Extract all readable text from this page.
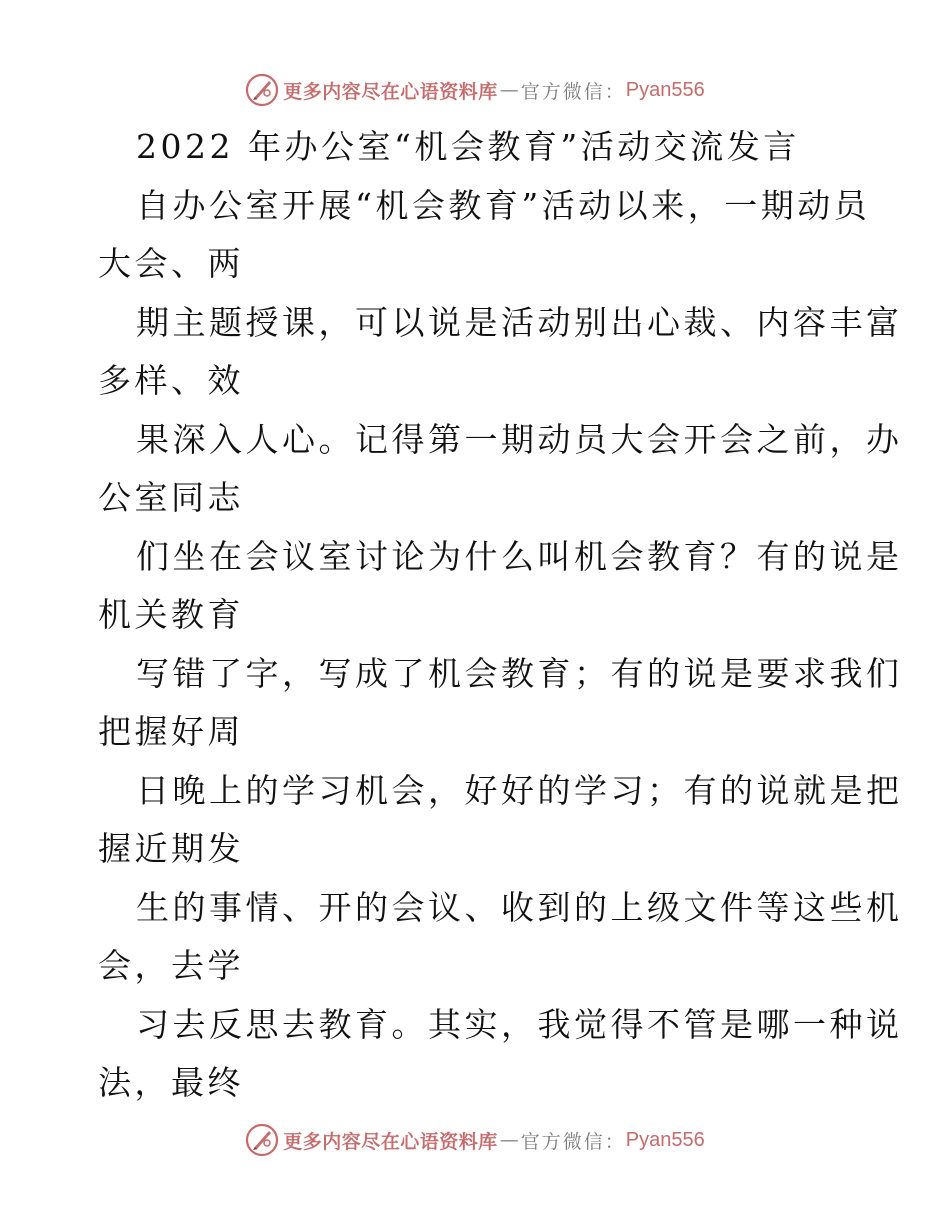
更多内容尽在心语资料库 — 官方微信： Pyan556
2022 年办公室“机会教育”活动交流发言
自办公室开展“机会教育”活动以来，一期动员
大会、两
期主题授课，可以说是活动别出心裁、内容丰富
多样、效
果深入人心。记得第一期动员大会开会之前，办
公室同志
们坐在会议室讨论为什么叫机会教育？有的说是
机关教育
写错了字，写成了机会教育；有的说是要求我们
把握好周
日晚上的学习机会，好好的学习；有的说就是把
握近期发
生的事情、开的会议、收到的上级文件等这些机
会，去学
习去反思去教育。其实，我觉得不管是哪一种说
法，最终
更多内容尽在心语资料库 — 官方微信： Pyan556
